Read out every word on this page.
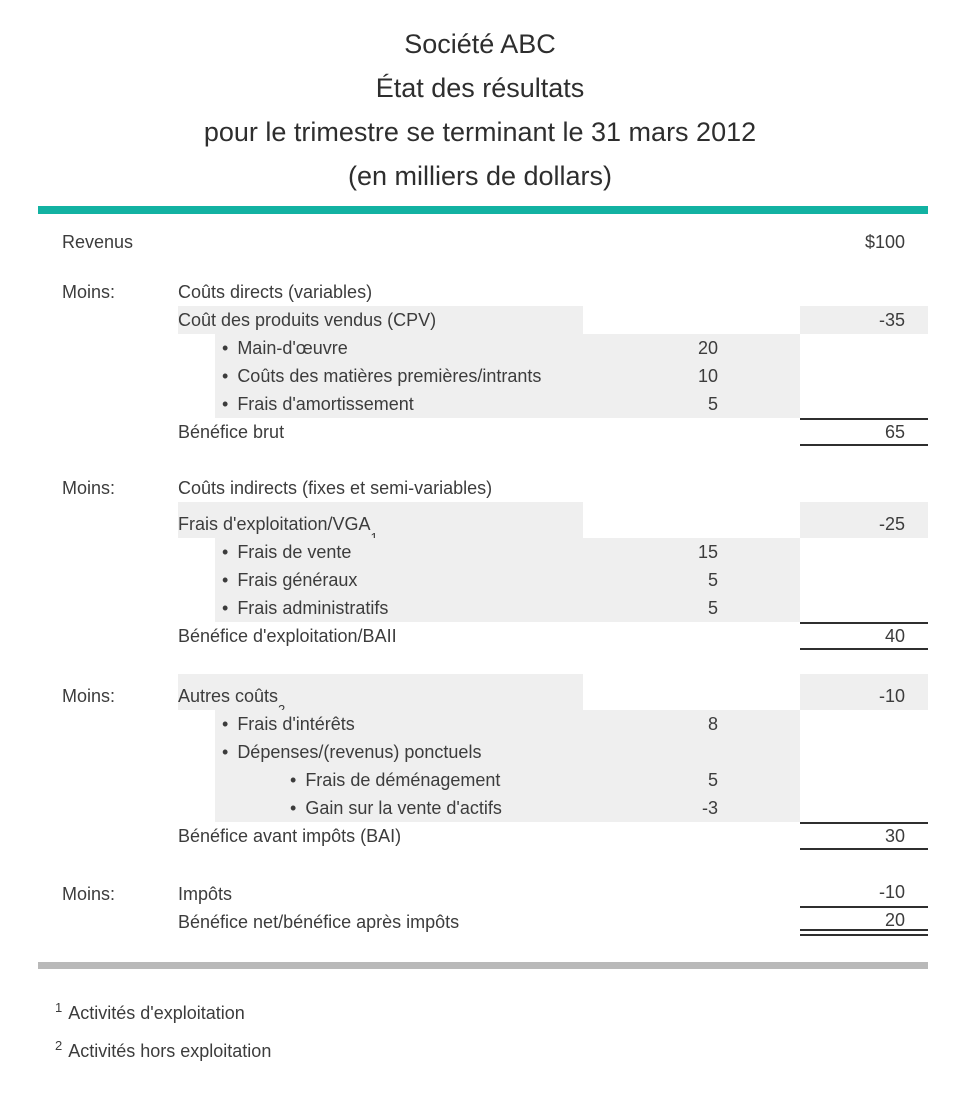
Société ABC
État des résultats
pour le trimestre se terminant le 31 mars 2012
(en milliers de dollars)
Revenus	$100
Moins:	Coûts directs (variables)
Coût des produits vendus (CPV)	-35
• Main-d'œuvre	20
• Coûts des matières premières/intrants	10
• Frais d'amortissement	5
Bénéfice brut	65
Moins:	Coûts indirects (fixes et semi-variables)
Frais d'exploitation/VGA	-25
• Frais de vente	15
• Frais généraux	5
• Frais administratifs	5
Bénéfice d'exploitation/BAII	40
Moins:	Autres coûts	-10
• Frais d'intérêts	8
• Dépenses/(revenus) ponctuels
• Frais de déménagement	5
• Gain sur la vente d'actifs	-3
Bénéfice avant impôts (BAI)	30
Moins:	Impôts	-10
Bénéfice net/bénéfice après impôts	20
$^1$ Activités d'exploitation
$^2$ Activités hors exploitation
